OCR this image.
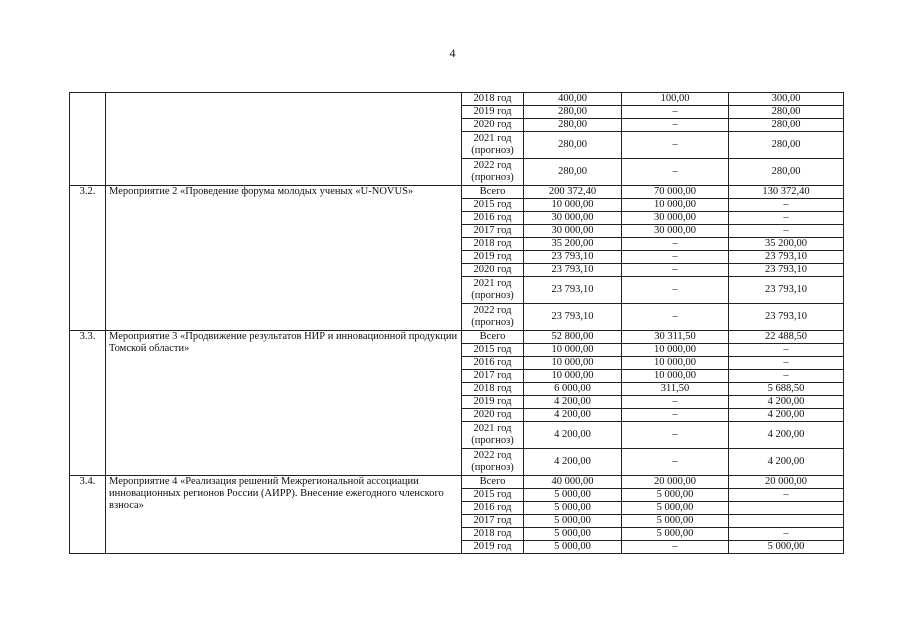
4
		2018 год	400,00	100,00	300,00
		2019 год	280,00	–	280,00
		2020 год	280,00	–	280,00
		2021 год (прогноз)	280,00	–	280,00
		2022 год (прогноз)	280,00	–	280,00
3.2.	Мероприятие 2 «Проведение форума молодых ученых «U-NOVUS»	Всего	200 372,40	70 000,00	130 372,40
		2015 год	10 000,00	10 000,00	–
		2016 год	30 000,00	30 000,00	–
		2017 год	30 000,00	30 000,00	–
		2018 год	35 200,00	–	35 200,00
		2019 год	23 793,10	–	23 793,10
		2020 год	23 793,10	–	23 793,10
		2021 год (прогноз)	23 793,10	–	23 793,10
		2022 год (прогноз)	23 793,10	–	23 793,10
3.3.	Мероприятие 3 «Продвижение результатов НИР и инновационной продукции Томской области»	Всего	52 800,00	30 311,50	22 488,50
		2015 год	10 000,00	10 000,00	–
		2016 год	10 000,00	10 000,00	–
		2017 год	10 000,00	10 000,00	–
		2018 год	6 000,00	311,50	5 688,50
		2019 год	4 200,00	–	4 200,00
		2020 год	4 200,00	–	4 200,00
		2021 год (прогноз)	4 200,00	–	4 200,00
		2022 год (прогноз)	4 200,00	–	4 200,00
3.4.	Мероприятие 4 «Реализация решений Межрегиональной ассоциации инновационных регионов России (АИРР). Внесение ежегодного членского взноса»	Всего	40 000,00	20 000,00	20 000,00
		2015 год	5 000,00	5 000,00	–
		2016 год	5 000,00	5 000,00	
		2017 год	5 000,00	5 000,00	
		2018 год	5 000,00	5 000,00	–
		2019 год	5 000,00	–	5 000,00
